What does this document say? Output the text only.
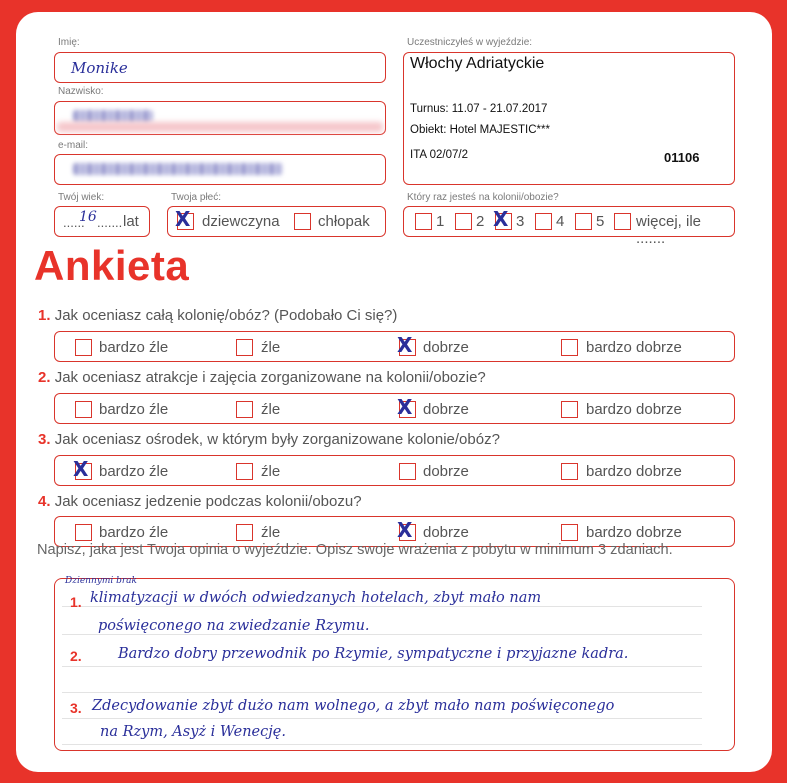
Imię:
Monike
Nazwisko:
e-mail:
Twój wiek:
......
16 ....... lat
Twoja płeć:
X dziewczyna	chłopak
Uczestniczyłeś w wyjeździe:
Włochy Adriatyckie
Turnus: 11.07 - 21.07.2017
Obiekt: Hotel MAJESTIC***
ITA 02/07/2	01106
Który raz jesteś na kolonii/obozie?
1 2 X 3 4 5 więcej, ile .......
Ankieta
1. Jak oceniasz całą kolonię/obóz? (Podobało Ci się?)
bardzo źle	źle	X dobrze	bardzo dobrze
2. Jak oceniasz atrakcje i zajęcia zorganizowane na kolonii/obozie?
bardzo źle	źle	X dobrze	bardzo dobrze
3. Jak oceniasz ośrodek, w którym były zorganizowane kolonie/obóz?
X bardzo źle	źle	dobrze	bardzo dobrze
4. Jak oceniasz jedzenie podczas kolonii/obozu?
bardzo źle	źle	X dobrze	bardzo dobrze
Napisz, jaka jest Twoja opinia o wyjeździe. Opisz swoje wrażenia z pobytu w minimum 3 zdaniach.
Dziennymi brak
1. klimatyzacji w dwóch odwiedzanych hotelach, zbyt mało nam
poświęconego na zwiedzanie Rzymu.
2.	Bardzo dobry przewodnik po Rzymie, sympatyczne i przyjazne kadra.
3. Zdecydowanie zbyt dużo nam wolnego, a zbyt mało nam poświęconego
na Rzym, Asyż i Wenecję.
